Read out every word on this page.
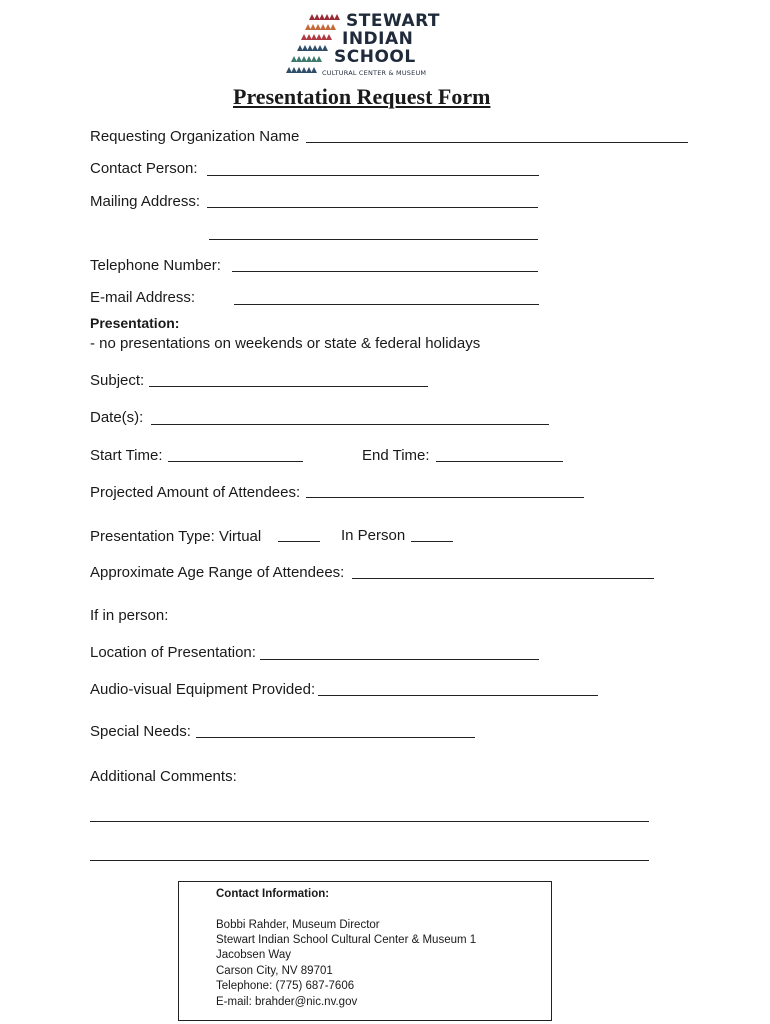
STEWART
INDIAN
SCHOOL
CULTURAL CENTER & MUSEUM
Presentation Request Form
Requesting Organization Name
Contact Person:
Mailing Address:
Telephone Number:
E-mail Address:
Presentation:
- no presentations on weekends or state & federal holidays
Subject:
Date(s):
Start Time:	End Time:
Projected Amount of Attendees:
Presentation Type: Virtual	In Person
Approximate Age Range of Attendees:
If in person:
Location of Presentation:
Audio-visual Equipment Provided:
Special Needs:
Additional Comments:
Contact Information:
Bobbi Rahder, Museum Director
Stewart Indian School Cultural Center & Museum 1
Jacobsen Way
Carson City, NV 89701
Telephone: (775) 687-7606
E-mail: brahder@nic.nv.gov
